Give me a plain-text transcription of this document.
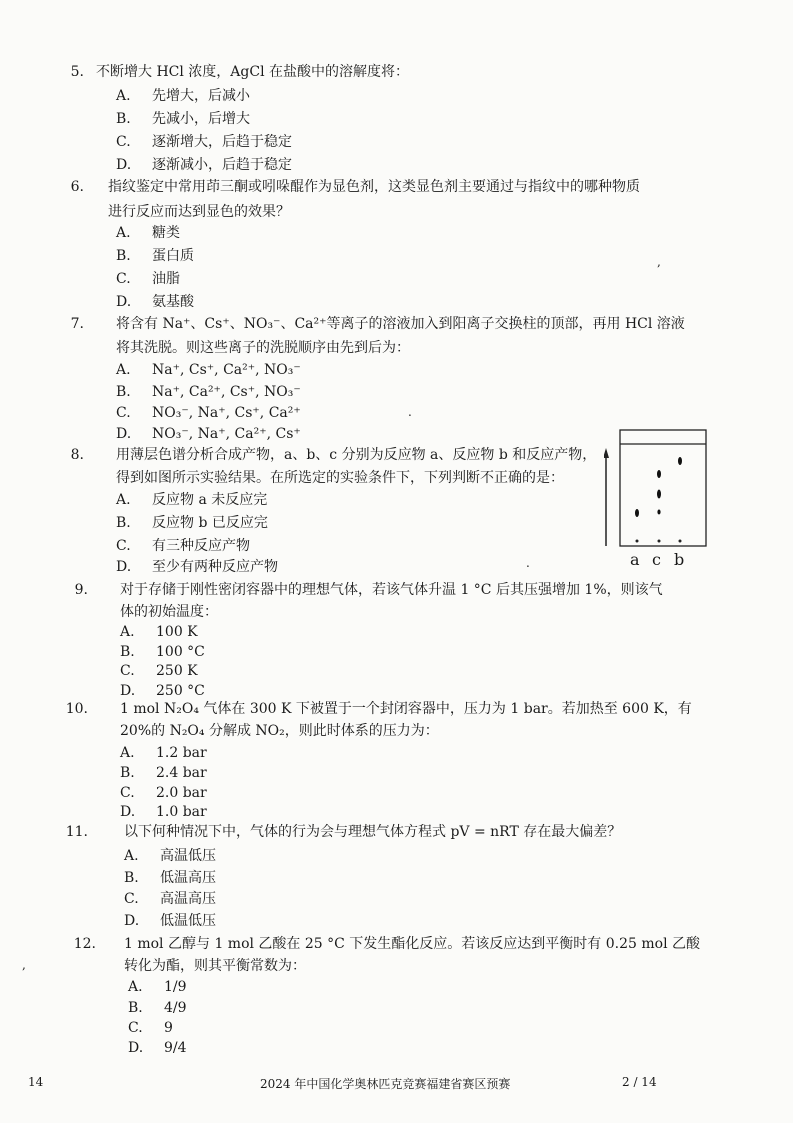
5. 不断增大 HCl 浓度，AgCl 在盐酸中的溶解度将：
A. 先增大，后减小
B. 先减小，后增大
C. 逐渐增大，后趋于稳定
D. 逐渐减小，后趋于稳定
6. 指纹鉴定中常用茚三酮或吲哚醌作为显色剂，这类显色剂主要通过与指纹中的哪种物质
进行反应而达到显色的效果？
A. 糖类
B. 蛋白质
C. 油脂
D. 氨基酸
7. 将含有 Na⁺、Cs⁺、NO₃⁻、Ca²⁺等离子的溶液加入到阳离子交换柱的顶部，再用 HCl 溶液
将其洗脱。则这些离子的洗脱顺序由先到后为：
A. Na⁺, Cs⁺, Ca²⁺, NO₃⁻
B. Na⁺, Ca²⁺, Cs⁺, NO₃⁻
C. NO₃⁻, Na⁺, Cs⁺, Ca²⁺
D. NO₃⁻, Na⁺, Ca²⁺, Cs⁺
8. 用薄层色谱分析合成产物，a、b、c 分别为反应物 a、反应物 b 和反应产物，
得到如图所示实验结果。在所选定的实验条件下，下列判断不正确的是：
A. 反应物 a 未反应完
B. 反应物 b 已反应完
C. 有三种反应产物
D. 至少有两种反应产物
9. 对于存储于刚性密闭容器中的理想气体，若该气体升温 1 °C 后其压强增加 1%，则该气
体的初始温度：
A. 100 K
B. 100 °C
C. 250 K
D. 250 °C
10. 1 mol N₂O₄ 气体在 300 K 下被置于一个封闭容器中，压力为 1 bar。若加热至 600 K，有
20%的 N₂O₄ 分解成 NO₂，则此时体系的压力为：
A. 1.2 bar
B. 2.4 bar
C. 2.0 bar
D. 1.0 bar
11.	以下何种情况下中，气体的行为会与理想气体方程式 pV = nRT 存在最大偏差？
A. 高温低压
B. 低温高压
C. 高温高压
D. 低温低压
12. 1 mol 乙醇与 1 mol 乙酸在 25 °C 下发生酯化反应。若该反应达到平衡时有 0.25 mol 乙酸
转化为酯，则其平衡常数为：
A. 1/9
B. 4/9
C. 9
D. 9/4
a c b
,
,
.
.
14	2024 年中国化学奥林匹克竞赛福建省赛区预赛	2 / 14
